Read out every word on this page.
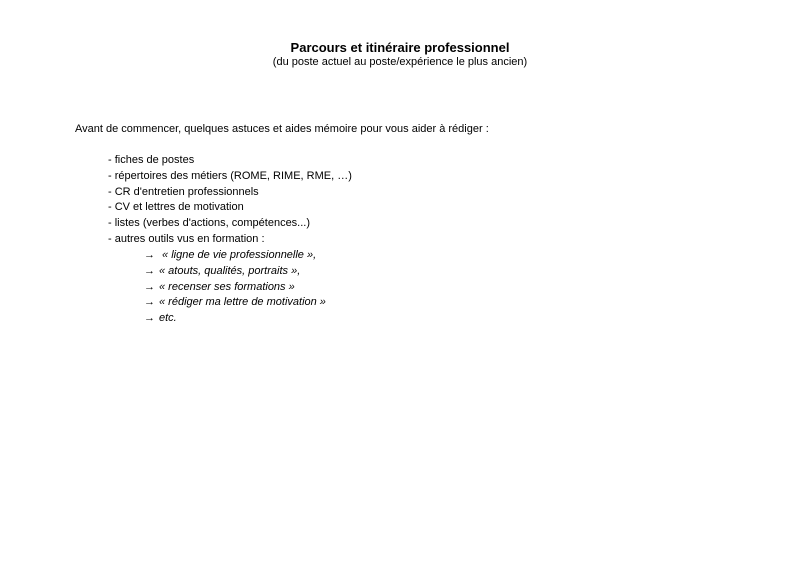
Parcours et itinéraire professionnel
(du poste actuel au poste/expérience le plus ancien)
Avant de commencer, quelques astuces et aides mémoire pour vous aider à rédiger :
- fiches de postes
- répertoires des métiers (ROME, RIME, RME, …)
- CR d'entretien professionnels
- CV et lettres de motivation
- listes (verbes d'actions, compétences...)
- autres outils vus en formation :
→ « ligne de vie professionnelle »,
→ « atouts, qualités, portraits »,
→ « recenser ses formations »
→ « rédiger ma lettre de motivation »
→ etc.
